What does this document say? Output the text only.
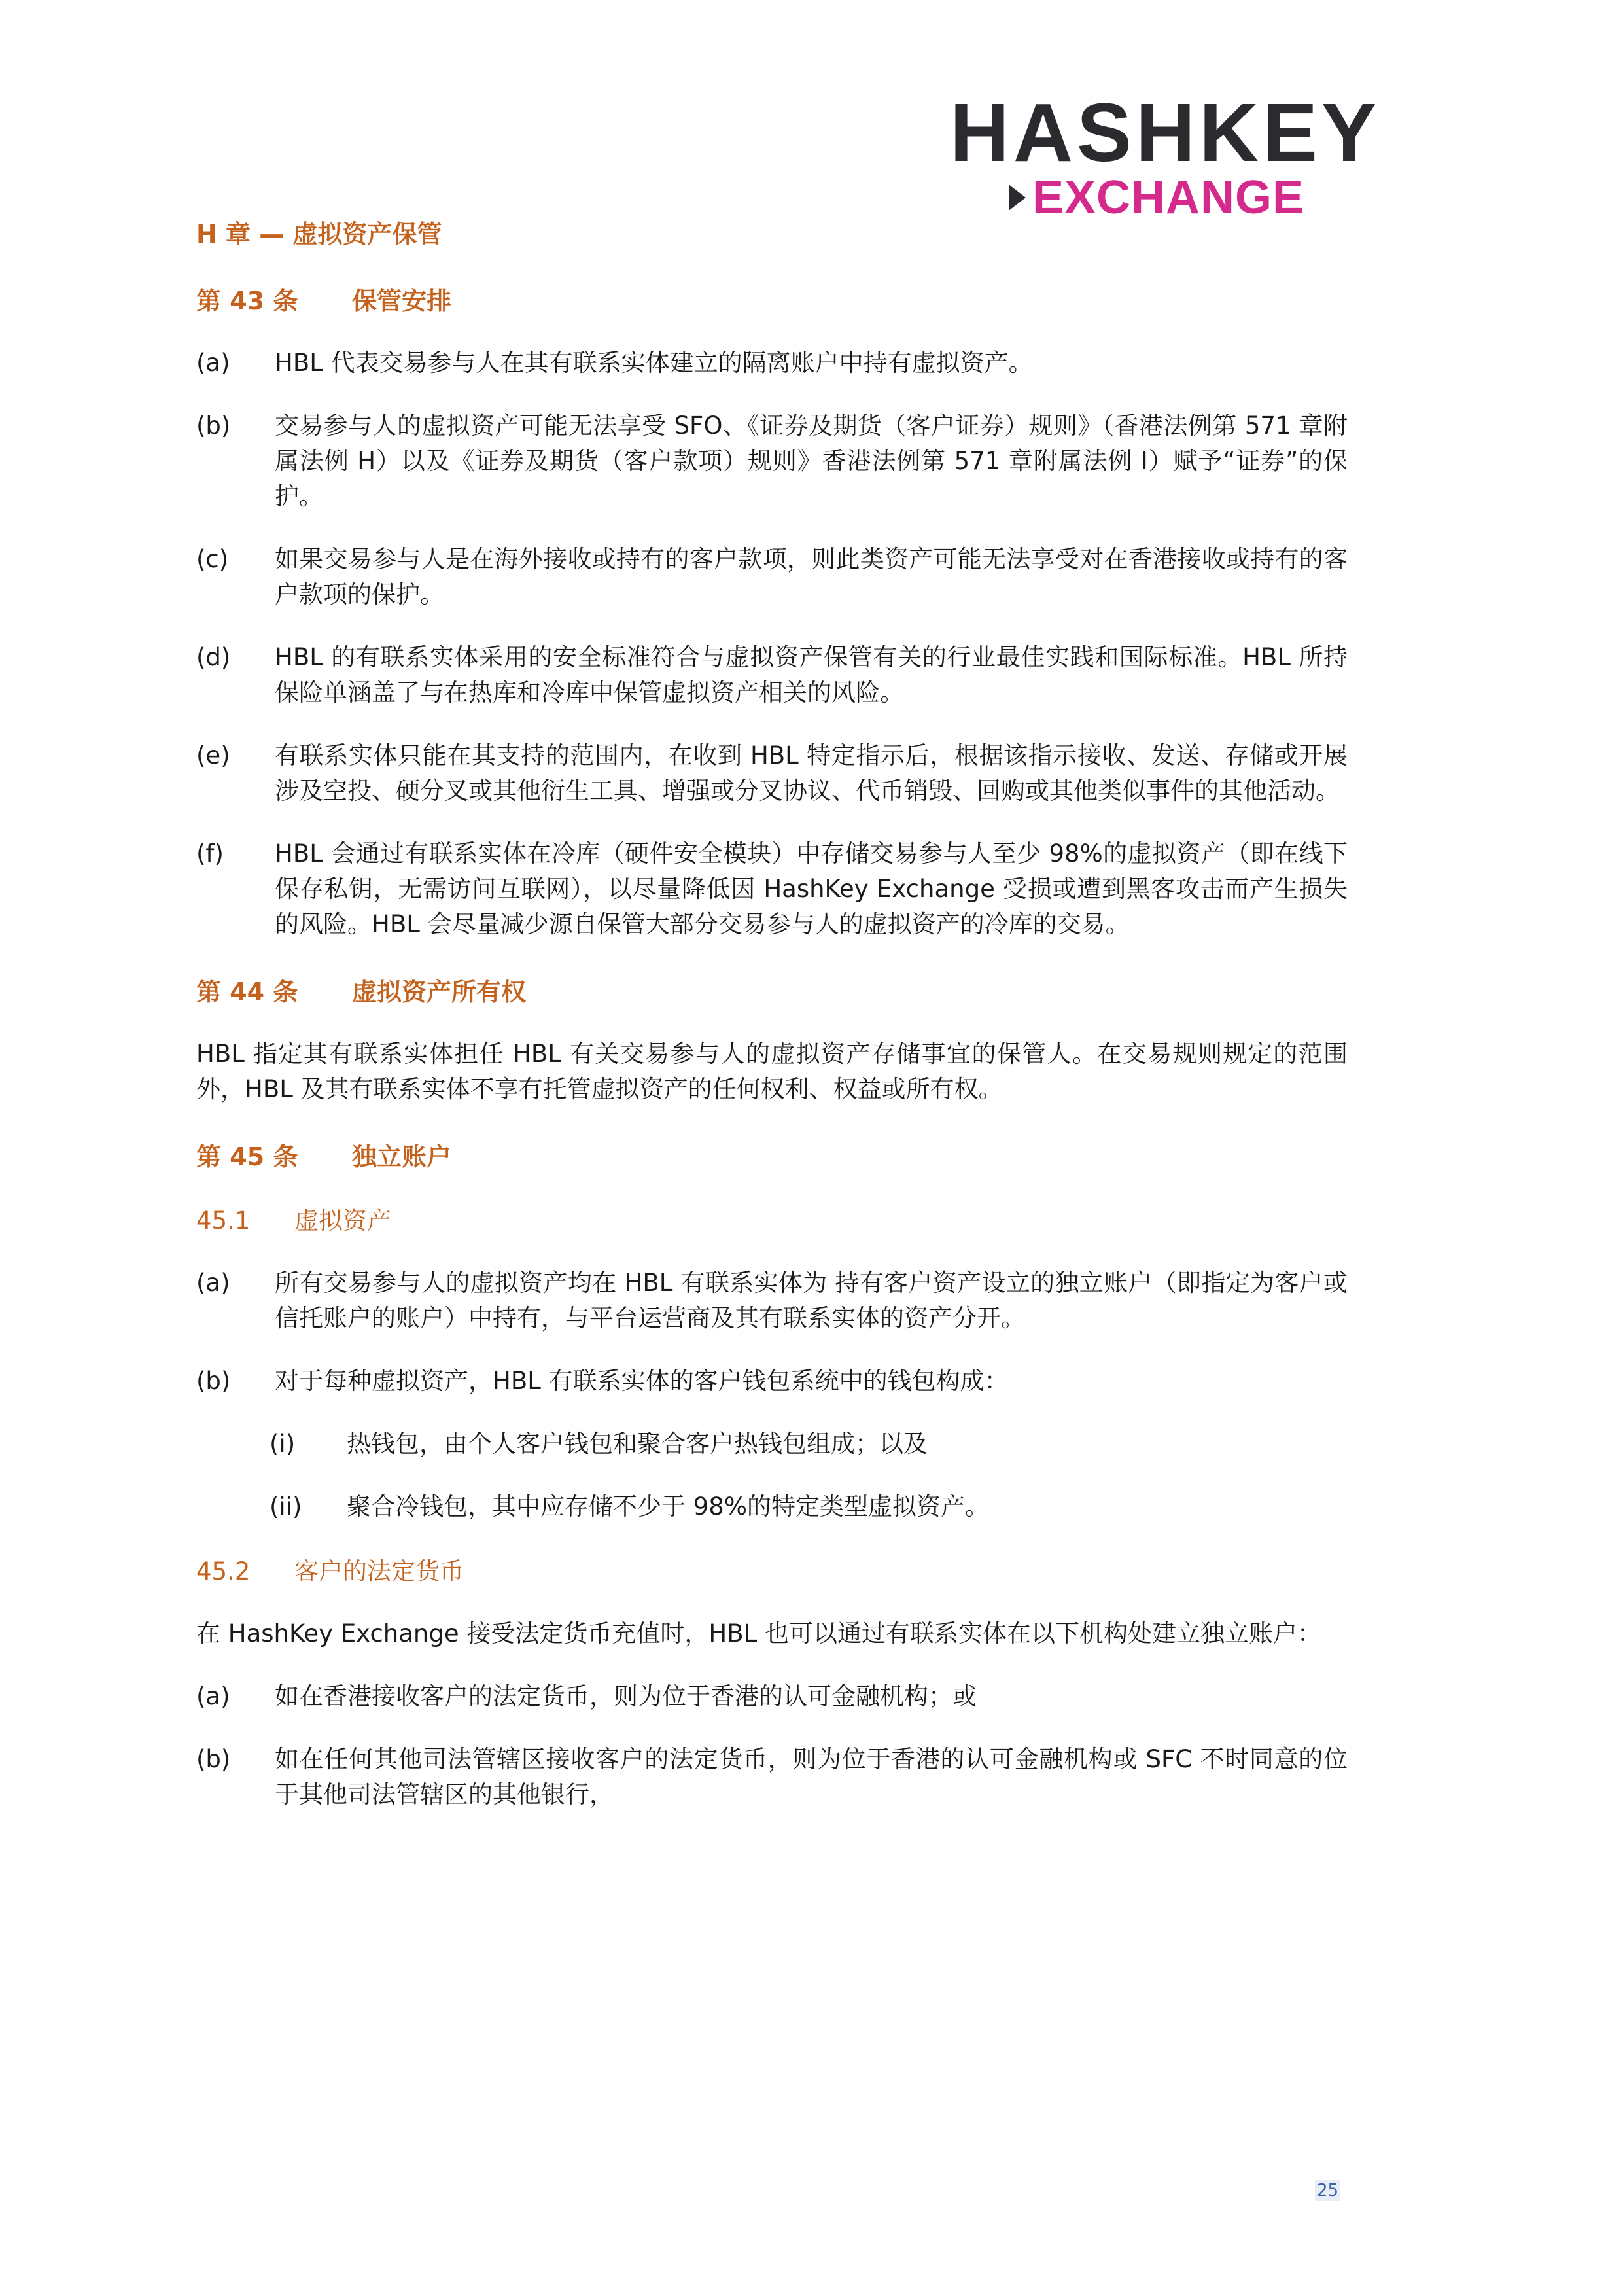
HASHKEY
EXCHANGE
H 章 — 虚拟资产保管
第 43 条 保管安排
(a) HBL 代表交易参与人在其有联系实体建立的隔离账户中持有虚拟资产。
(b) 交易参与人的虚拟资产可能无法享受 SFO、《证券及期货（客户证券）规则》（香港法例第 571 章附属法例 H）以及《证券及期货（客户款项）规则》香港法例第 571 章附属法例 I）赋予“证券”的保护。
(c) 如果交易参与人是在海外接收或持有的客户款项，则此类资产可能无法享受对在香港接收或持有的客户款项的保护。
(d) HBL 的有联系实体采用的安全标准符合与虚拟资产保管有关的行业最佳实践和国际标准。HBL 所持保险单涵盖了与在热库和冷库中保管虚拟资产相关的风险。
(e) 有联系实体只能在其支持的范围内，在收到 HBL 特定指示后，根据该指示接收、发送、存储或开展涉及空投、硬分叉或其他衍生工具、增强或分叉协议、代币销毁、回购或其他类似事件的其他活动。
(f) HBL 会通过有联系实体在冷库（硬件安全模块）中存储交易参与人至少 98%的虚拟资产（即在线下保存私钥，无需访问互联网），以尽量降低因 HashKey Exchange 受损或遭到黑客攻击而产生损失的风险。HBL 会尽量减少源自保管大部分交易参与人的虚拟资产的冷库的交易。
第 44 条 虚拟资产所有权
HBL 指定其有联系实体担任 HBL 有关交易参与人的虚拟资产存储事宜的保管人。在交易规则规定的范围外，HBL 及其有联系实体不享有托管虚拟资产的任何权利、权益或所有权。
第 45 条 独立账户
45.1 虚拟资产
(a) 所有交易参与人的虚拟资产均在 HBL 有联系实体为 持有客户资产设立的独立账户（即指定为客户或信托账户的账户）中持有，与平台运营商及其有联系实体的资产分开。
(b) 对于每种虚拟资产，HBL 有联系实体的客户钱包系统中的钱包构成：
(i) 热钱包，由个人客户钱包和聚合客户热钱包组成；以及
(ii) 聚合冷钱包，其中应存储不少于 98%的特定类型虚拟资产。
45.2 客户的法定货币
在 HashKey Exchange 接受法定货币充值时，HBL 也可以通过有联系实体在以下机构处建立独立账户：
(a) 如在香港接收客户的法定货币，则为位于香港的认可金融机构；或
(b) 如在任何其他司法管辖区接收客户的法定货币，则为位于香港的认可金融机构或 SFC 不时同意的位于其他司法管辖区的其他银行，
25
